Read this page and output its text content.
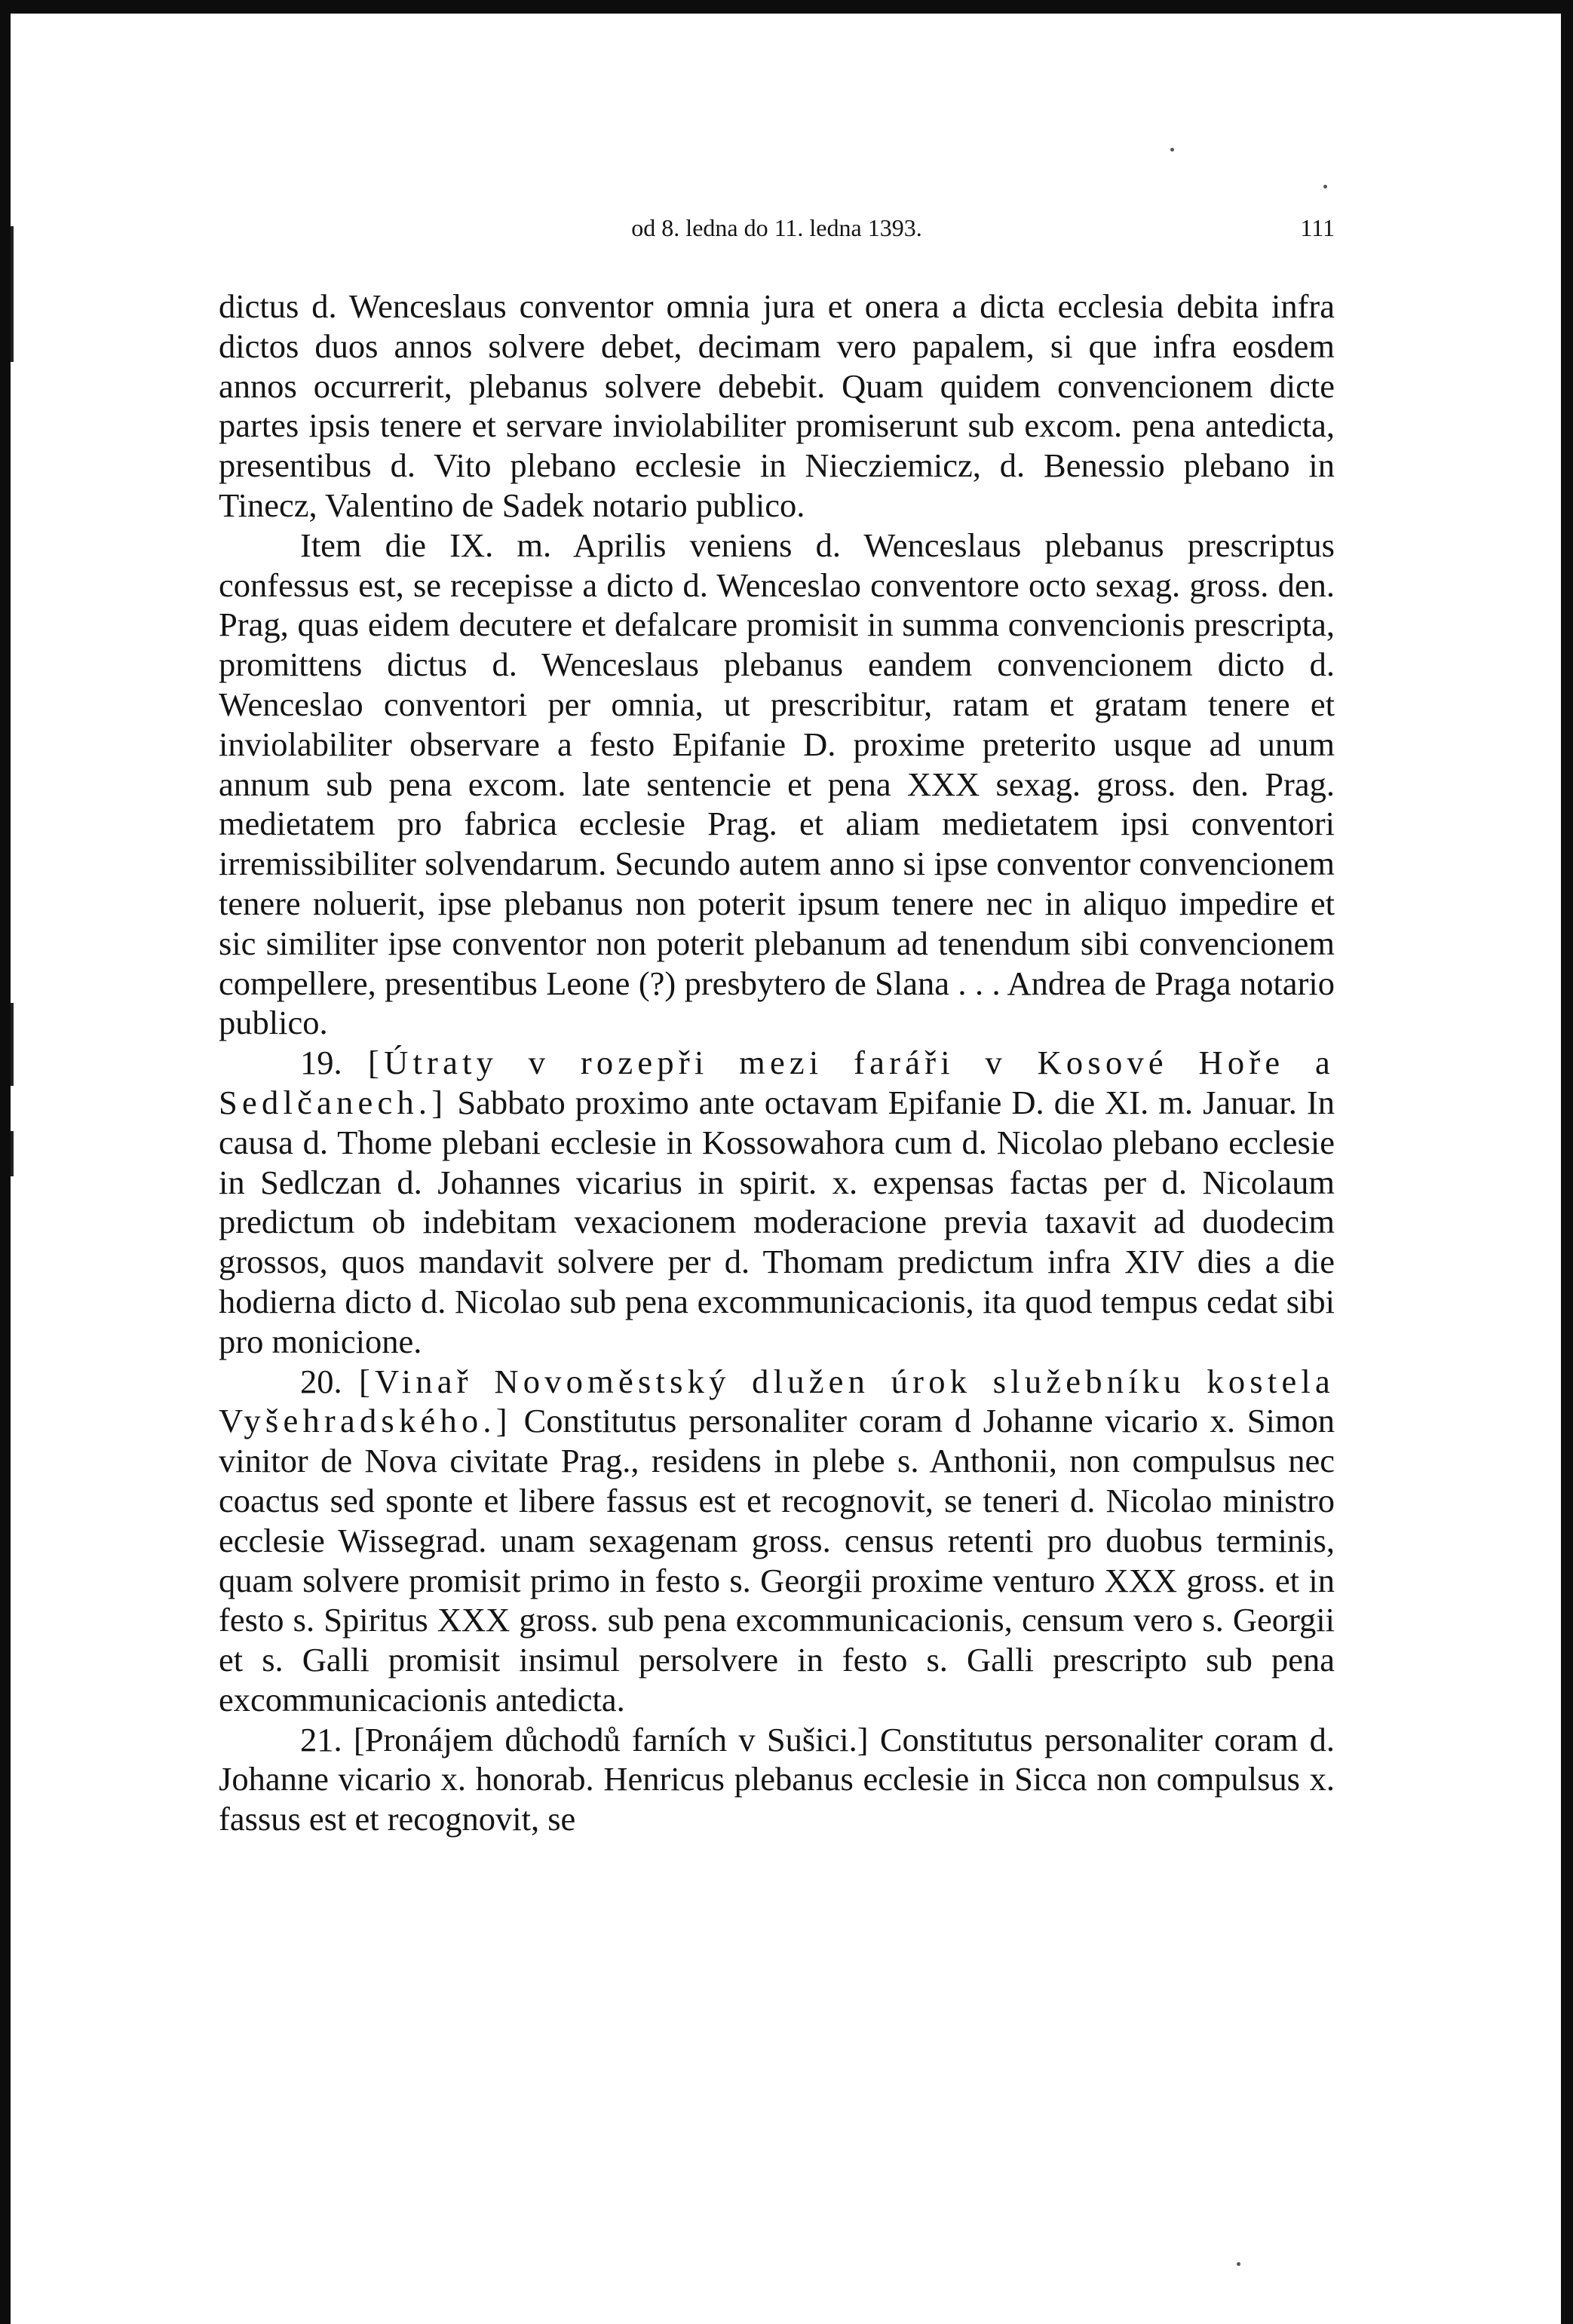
od 8. ledna do 11. ledna 1393.	111

dictus d. Wenceslaus conventor omnia jura et onera a dicta ecclesia debita infra dictos duos annos solvere debet, decimam vero papalem, si que infra eosdem annos occurrerit, plebanus solvere debebit. Quam quidem convencionem dicte partes ipsis tenere et servare inviolabiliter promiserunt sub excom. pena antedicta, presentibus d. Vito plebano ecclesie in Nieczіemicz, d. Benessio plebano in Tinecz, Valentino de Sadek notario publico.

Item die IX. m. Aprilis veniens d. Wenceslaus plebanus prescriptus confessus est, se recepisse a dicto d. Wenceslao conventore octo sexag. gross. den. Prag, quas eidem decutere et defalcare promisit in summa convencionis prescripta, promittens dictus d. Wenceslaus plebanus eandem convencionem dicto d. Wenceslao conventori per omnia, ut prescribitur, ratam et gratam tenere et inviolabiliter observare a festo Epifanie D. proxime preterito usque ad unum annum sub pena excom. late sentencie et pena XXX sexag. gross. den. Prag. medietatem pro fabrica ecclesie Prag. et aliam medietatem ipsi conventori irremissibiliter solvendarum. Secundo autem anno si ipse conventor convencionem tenere noluerit, ipse plebanus non poterit ipsum tenere nec in aliquo impedire et sic similiter ipse conventor non poterit plebanum ad tenendum sibi convencionem compellere, presentibus Leone (?) presbytero de Slana . . . Andrea de Praga notario publico.

19. [Útraty v rozepři mezi faráři v Kosové Hoře a Sedlčanech.] Sabbato proximo ante octavam Epifanie D. die XI. m. Januar. In causa d. Thome plebani ecclesie in Kossowahora cum d. Nicolao plebano ecclesie in Sedlczan d. Johannes vicarius in spirit. x. expensas factas per d. Nicolaum predictum ob indebitam vexacionem moderacione previa taxavit ad duodecim grossos, quos mandavit solvere per d. Thomam predictum infra XIV dies a die hodierna dicto d. Nicolao sub pena excommunicacionis, ita quod tempus cedat sibi pro monicione.

20. [Vinař Novoměstský dlužen úrok služebníku kostela Vyšehradského.] Constitutus personaliter coram d Johanne vicario x. Simon vinitor de Nova civitate Prag., residens in plebe s. Anthonii, non compulsus nec coactus sed sponte et libere fassus est et recognovit, se teneri d. Nicolao ministro ecclesie Wissegrad. unam sexagenam gross. census retenti pro duobus terminis, quam solvere promisit primo in festo s. Georgii proxime venturo XXX gross. et in festo s. Spiritus XXX gross. sub pena excommunicacionis, censum vero s. Georgii et s. Galli promisit insimul persolvere in festo s. Galli prescripto sub pena excommunicacionis antedicta.

21. [Pronájem důchodů farních v Sušici.] Constitutus personaliter coram d. Johanne vicario x. honorab. Henricus plebanus ecclesie in Sicca non compulsus x. fassus est et recognovit, se
